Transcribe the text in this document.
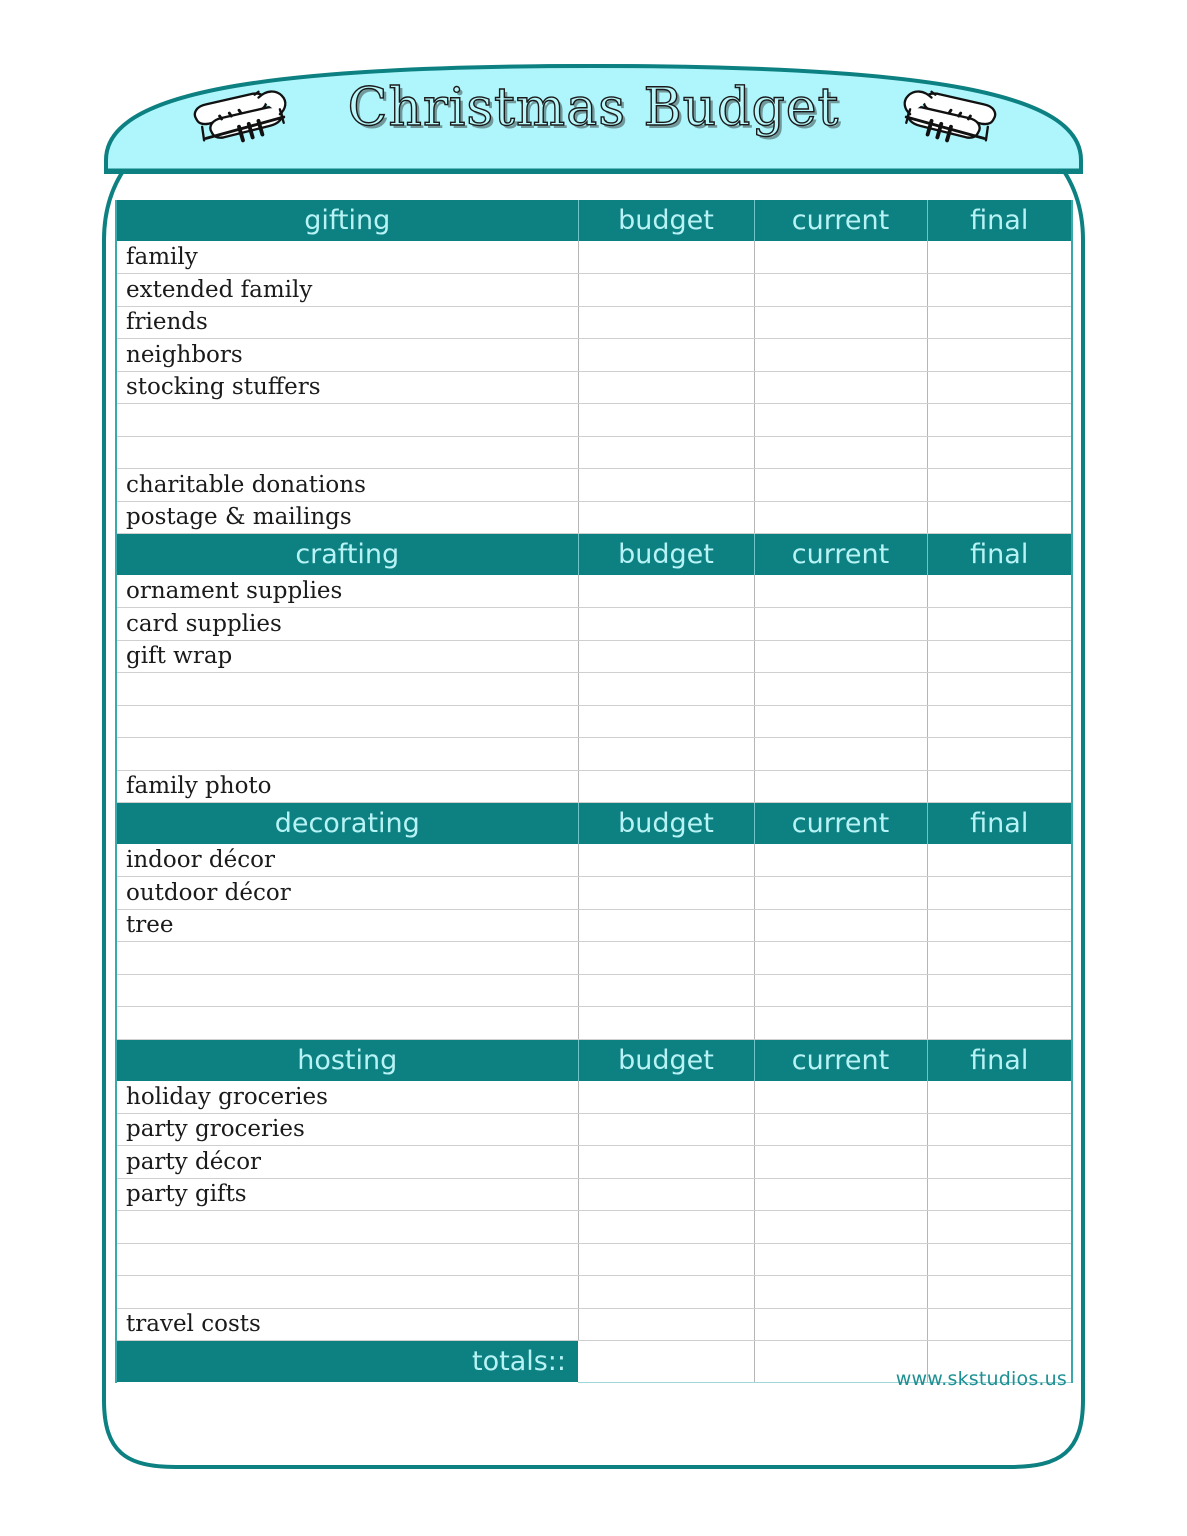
Christmas Budget
gifting	budget	current	final
family			
extended family			
friends			
neighbors			
stocking stuffers			

charitable donations			
postage & mailings			
crafting	budget	current	final
ornament supplies			
card supplies			
gift wrap			

family photo			
decorating	budget	current	final
indoor décor			
outdoor décor			
tree			

hosting	budget	current	final
holiday groceries			
party groceries			
party décor			
party gifts			

travel costs			
totals::			
www.skstudios.us
